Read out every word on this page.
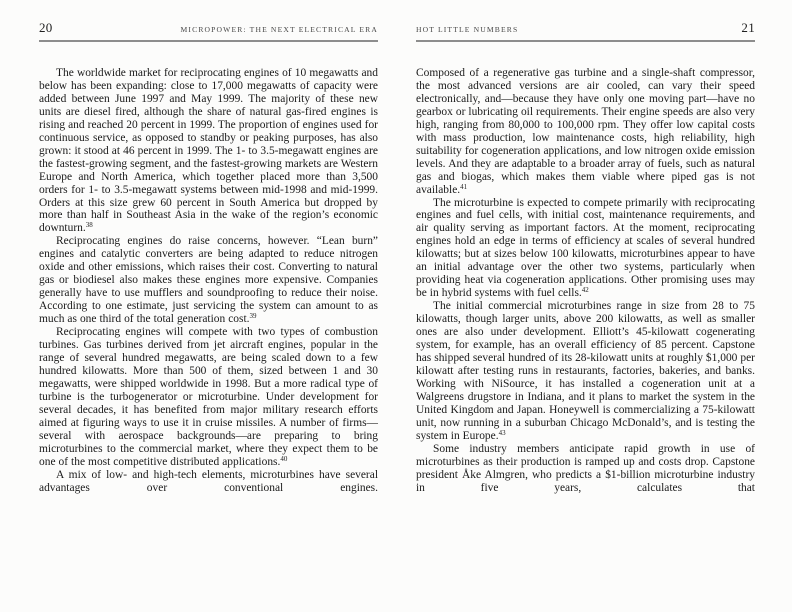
20	MICROPOWER: THE NEXT ELECTRICAL ERA

The worldwide market for reciprocating engines of 10 megawatts and below has been expanding: close to 17,000 megawatts of capacity were added between June 1997 and May 1999. The majority of these new units are diesel fired, although the share of natural gas-fired engines is rising and reached 20 percent in 1999. The proportion of engines used for continuous service, as opposed to standby or peaking purposes, has also grown: it stood at 46 percent in 1999. The 1- to 3.5-megawatt engines are the fastest-growing segment, and the fastest-growing markets are Western Europe and North America, which together placed more than 3,500 orders for 1- to 3.5-megawatt systems between mid-1998 and mid-1999. Orders at this size grew 60 percent in South America but dropped by more than half in Southeast Asia in the wake of the region’s economic downturn.$^{38}$

Reciprocating engines do raise concerns, however. “Lean burn” engines and catalytic converters are being adapted to reduce nitrogen oxide and other emissions, which raises their cost. Converting to natural gas or biodiesel also makes these engines more expensive. Companies generally have to use mufflers and soundproofing to reduce their noise. According to one estimate, just servicing the system can amount to as much as one third of the total generation cost.$^{39}$

Reciprocating engines will compete with two types of combustion turbines. Gas turbines derived from jet aircraft engines, popular in the range of several hundred megawatts, are being scaled down to a few hundred kilowatts. More than 500 of them, sized between 1 and 30 megawatts, were shipped worldwide in 1998. But a more radical type of turbine is the turbogenerator or microturbine. Under development for several decades, it has benefited from major military research efforts aimed at figuring ways to use it in cruise missiles. A number of firms—several with aerospace backgrounds—are preparing to bring microturbines to the commercial market, where they expect them to be one of the most competitive distributed applications.$^{40}$

A mix of low- and high-tech elements, microturbines have several advantages over conventional engines.

HOT LITTLE NUMBERS	21

Composed of a regenerative gas turbine and a single-shaft compressor, the most advanced versions are air cooled, can vary their speed electronically, and—because they have only one moving part—have no gearbox or lubricating oil requirements. Their engine speeds are also very high, ranging from 80,000 to 100,000 rpm. They offer low capital costs with mass production, low maintenance costs, high reliability, high suitability for cogeneration applications, and low nitrogen oxide emission levels. And they are adaptable to a broader array of fuels, such as natural gas and biogas, which makes them viable where piped gas is not available.$^{41}$

The microturbine is expected to compete primarily with reciprocating engines and fuel cells, with initial cost, maintenance requirements, and air quality serving as important factors. At the moment, reciprocating engines hold an edge in terms of efficiency at scales of several hundred kilowatts; but at sizes below 100 kilowatts, microturbines appear to have an initial advantage over the other two systems, particularly when providing heat via cogeneration applications. Other promising uses may be in hybrid systems with fuel cells.$^{42}$

The initial commercial microturbines range in size from 28 to 75 kilowatts, though larger units, above 200 kilowatts, as well as smaller ones are also under development. Elliott’s 45-kilowatt cogenerating system, for example, has an overall efficiency of 85 percent. Capstone has shipped several hundred of its 28-kilowatt units at roughly $1,000 per kilowatt after testing runs in restaurants, factories, bakeries, and banks. Working with NiSource, it has installed a cogeneration unit at a Walgreens drugstore in Indiana, and it plans to market the system in the United Kingdom and Japan. Honeywell is commercializing a 75-kilowatt unit, now running in a suburban Chicago McDonald’s, and is testing the system in Europe.$^{43}$

Some industry members anticipate rapid growth in use of microturbines as their production is ramped up and costs drop. Capstone president Åke Almgren, who predicts a $1-billion microturbine industry in five years, calculates that
